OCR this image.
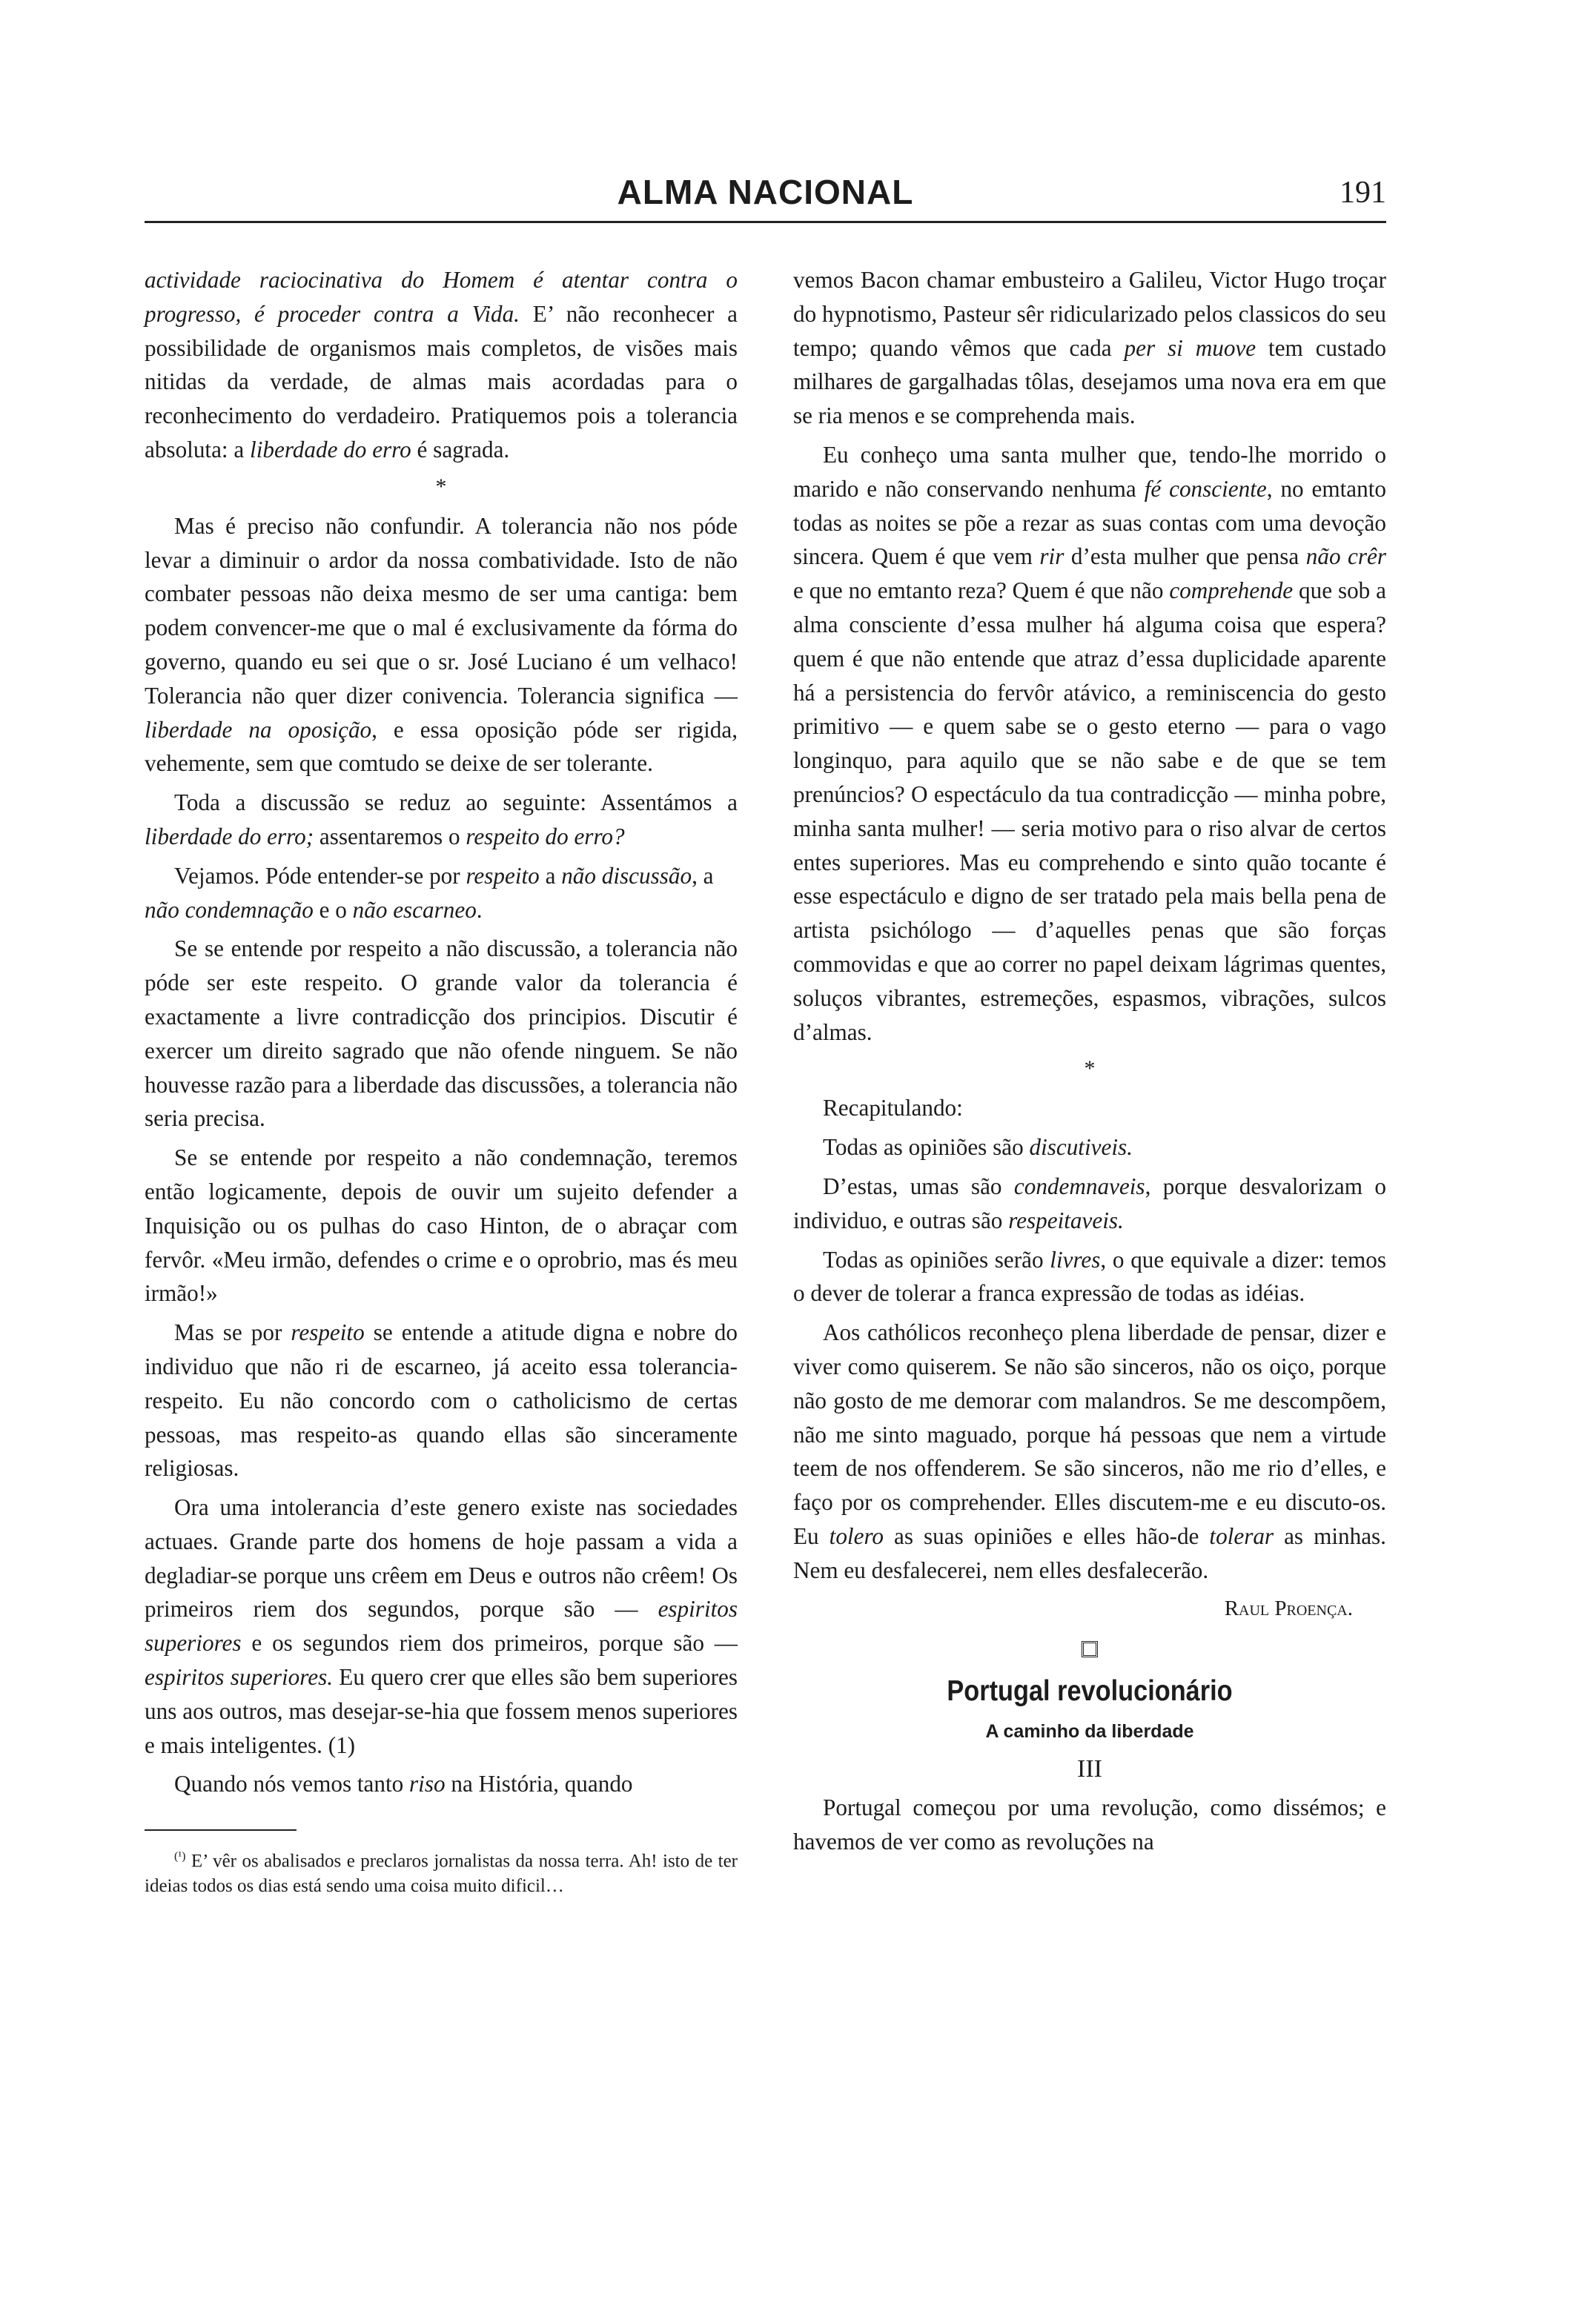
ALMA NACIONAL	191

actividade raciocinativa do Homem é atentar contra o progresso, é proceder contra a Vida. E’ não reconhecer a possibilidade de organismos mais completos, de visões mais nitidas da verdade, de almas mais acordadas para o reconhecimento do verdadeiro. Pratiquemos pois a tolerancia absoluta: a liberdade do erro é sagrada.

*

Mas é preciso não confundir. A tolerancia não nos póde levar a diminuir o ardor da nossa combatividade. Isto de não combater pessoas não deixa mesmo de ser uma cantiga: bem podem convencer-me que o mal é exclusivamente da fórma do governo, quando eu sei que o sr. José Luciano é um velhaco! Tolerancia não quer dizer conivencia. Tolerancia significa — liberdade na oposição, e essa oposição póde ser rigida, vehemente, sem que comtudo se deixe de ser tolerante.

Toda a discussão se reduz ao seguinte: Assentámos a liberdade do erro; assentaremos o respeito do erro?

Vejamos. Póde entender-se por respeito a não discussão, a não condemnação e o não escarneo.

Se se entende por respeito a não discussão, a tolerancia não póde ser este respeito. O grande valor da tolerancia é exactamente a livre contradicção dos principios. Discutir é exercer um direito sagrado que não ofende ninguem. Se não houvesse razão para a liberdade das discussões, a tolerancia não seria precisa.

Se se entende por respeito a não condemnação, teremos então logicamente, depois de ouvir um sujeito defender a Inquisição ou os pulhas do caso Hinton, de o abraçar com fervôr. «Meu irmão, defendes o crime e o oprobrio, mas és meu irmão!»

Mas se por respeito se entende a atitude digna e nobre do individuo que não ri de escarneo, já aceito essa tolerancia-respeito. Eu não concordo com o catholicismo de certas pessoas, mas respeito-as quando ellas são sinceramente religiosas.

Ora uma intolerancia d’este genero existe nas sociedades actuaes. Grande parte dos homens de hoje passam a vida a degladiar-se porque uns crêem em Deus e outros não crêem! Os primeiros riem dos segundos, porque são — espiritos superiores e os segundos riem dos primeiros, porque são — espiritos superiores. Eu quero crer que elles são bem superiores uns aos outros, mas desejar-se-hia que fossem menos superiores e mais inteligentes. (1)

Quando nós vemos tanto riso na História, quando

$^{(^1)}$ E’ vêr os abalisados e preclaros jornalistas da nossa terra. Ah! isto de ter ideias todos os dias está sendo uma coisa muito dificil…

vemos Bacon chamar embusteiro a Galileu, Victor Hugo troçar do hypnotismo, Pasteur sêr ridicularizado pelos classicos do seu tempo; quando vêmos que cada per si muove tem custado milhares de gargalhadas tôlas, desejamos uma nova era em que se ria menos e se comprehenda mais.

Eu conheço uma santa mulher que, tendo-lhe morrido o marido e não conservando nenhuma fé consciente, no emtanto todas as noites se põe a rezar as suas contas com uma devoção sincera. Quem é que vem rir d’esta mulher que pensa não crêr e que no emtanto reza? Quem é que não comprehende que sob a alma consciente d’essa mulher há alguma coisa que espera? quem é que não entende que atraz d’essa duplicidade aparente há a persistencia do fervôr atávico, a reminiscencia do gesto primitivo — e quem sabe se o gesto eterno — para o vago longinquo, para aquilo que se não sabe e de que se tem prenúncios? O espectáculo da tua contradicção — minha pobre, minha santa mulher! — seria motivo para o riso alvar de certos entes superiores. Mas eu comprehendo e sinto quão tocante é esse espectáculo e digno de ser tratado pela mais bella pena de artista psichólogo — d’aquelles penas que são forças commovidas e que ao correr no papel deixam lágrimas quentes, soluços vibrantes, estremeções, espasmos, vibrações, sulcos d’almas.

*

Recapitulando:

Todas as opiniões são discutiveis.

D’estas, umas são condemnaveis, porque desvalorizam o individuo, e outras são respeitaveis.

Todas as opiniões serão livres, o que equivale a dizer: temos o dever de tolerar a franca expressão de todas as idéias.

Aos cathólicos reconheço plena liberdade de pensar, dizer e viver como quiserem. Se não são sinceros, não os oiço, porque não gosto de me demorar com malandros. Se me descompõem, não me sinto maguado, porque há pessoas que nem a virtude teem de nos offenderem. Se são sinceros, não me rio d’elles, e faço por os comprehender. Elles discutem-me e eu discuto-os. Eu tolero as suas opiniões e elles hão-de tolerar as minhas. Nem eu desfalecerei, nem elles desfalecerão.

Raul Proença.
Portugal revolucionário
A caminho da liberdade
III

Portugal começou por uma revolução, como dissémos; e havemos de ver como as revoluções na
